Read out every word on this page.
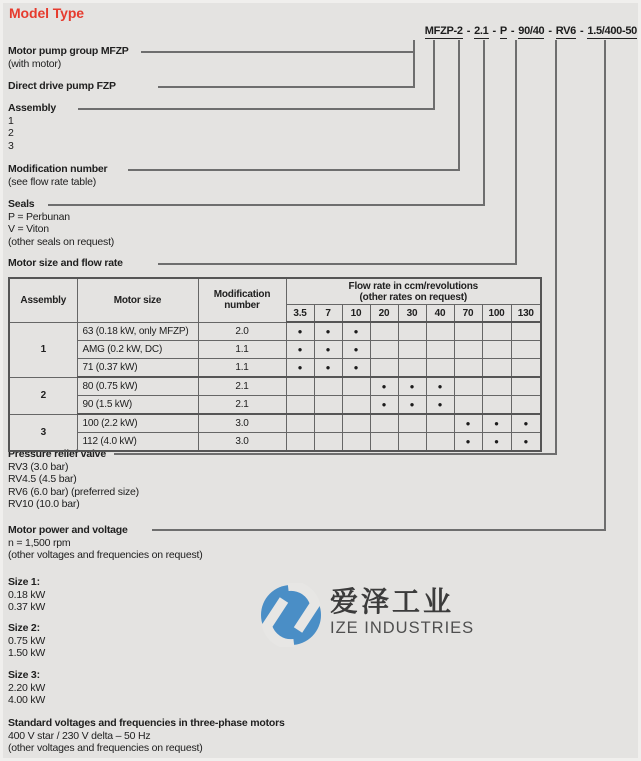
Model Type
MFZP-2 - 2.1 - P - 90/40 - RV6 - 1.5/400-50
Motor pump group MFZP
(with motor)
Direct drive pump FZP
Assembly
1
2
3
Modification number
(see flow rate table)
Seals
P = Perbunan
V = Viton
(other seals on request)
Motor size and flow rate
Pressure relief valve
RV3 (3.0 bar)
RV4.5 (4.5 bar)
RV6 (6.0 bar) (preferred size)
RV10 (10.0 bar)
Motor power and voltage
n = 1,500 rpm
(other voltages and frequencies on request)
Assembly	Motor size	Modification
number

Flow rate in ccm/revolutions
(other rates on request)

			3.5	7	10	20	30	40	70	100	130
1	63 (0.18 kW, only MFZP)	2.0	●	●	●						
	AMG (0.2 kW, DC)	1.1	●	●	●						
	71 (0.37 kW)	1.1	●	●	●						
2	80 (0.75 kW)	2.1				●	●	●			
	90 (1.5 kW)	2.1				●	●	●			
3	100 (2.2 kW)	3.0							●	●	●
	112 (4.0 kW)	3.0							●	●	●
Size 1:
0.18 kW
0.37 kW
Size 2:
0.75 kW
1.50 kW
Size 3:
2.20 kW
4.00 kW
Standard voltages and frequencies in three-phase motors
400 V star / 230 V delta – 50 Hz
(other voltages and frequencies on request)
爱泽工业
IZE INDUSTRIES
